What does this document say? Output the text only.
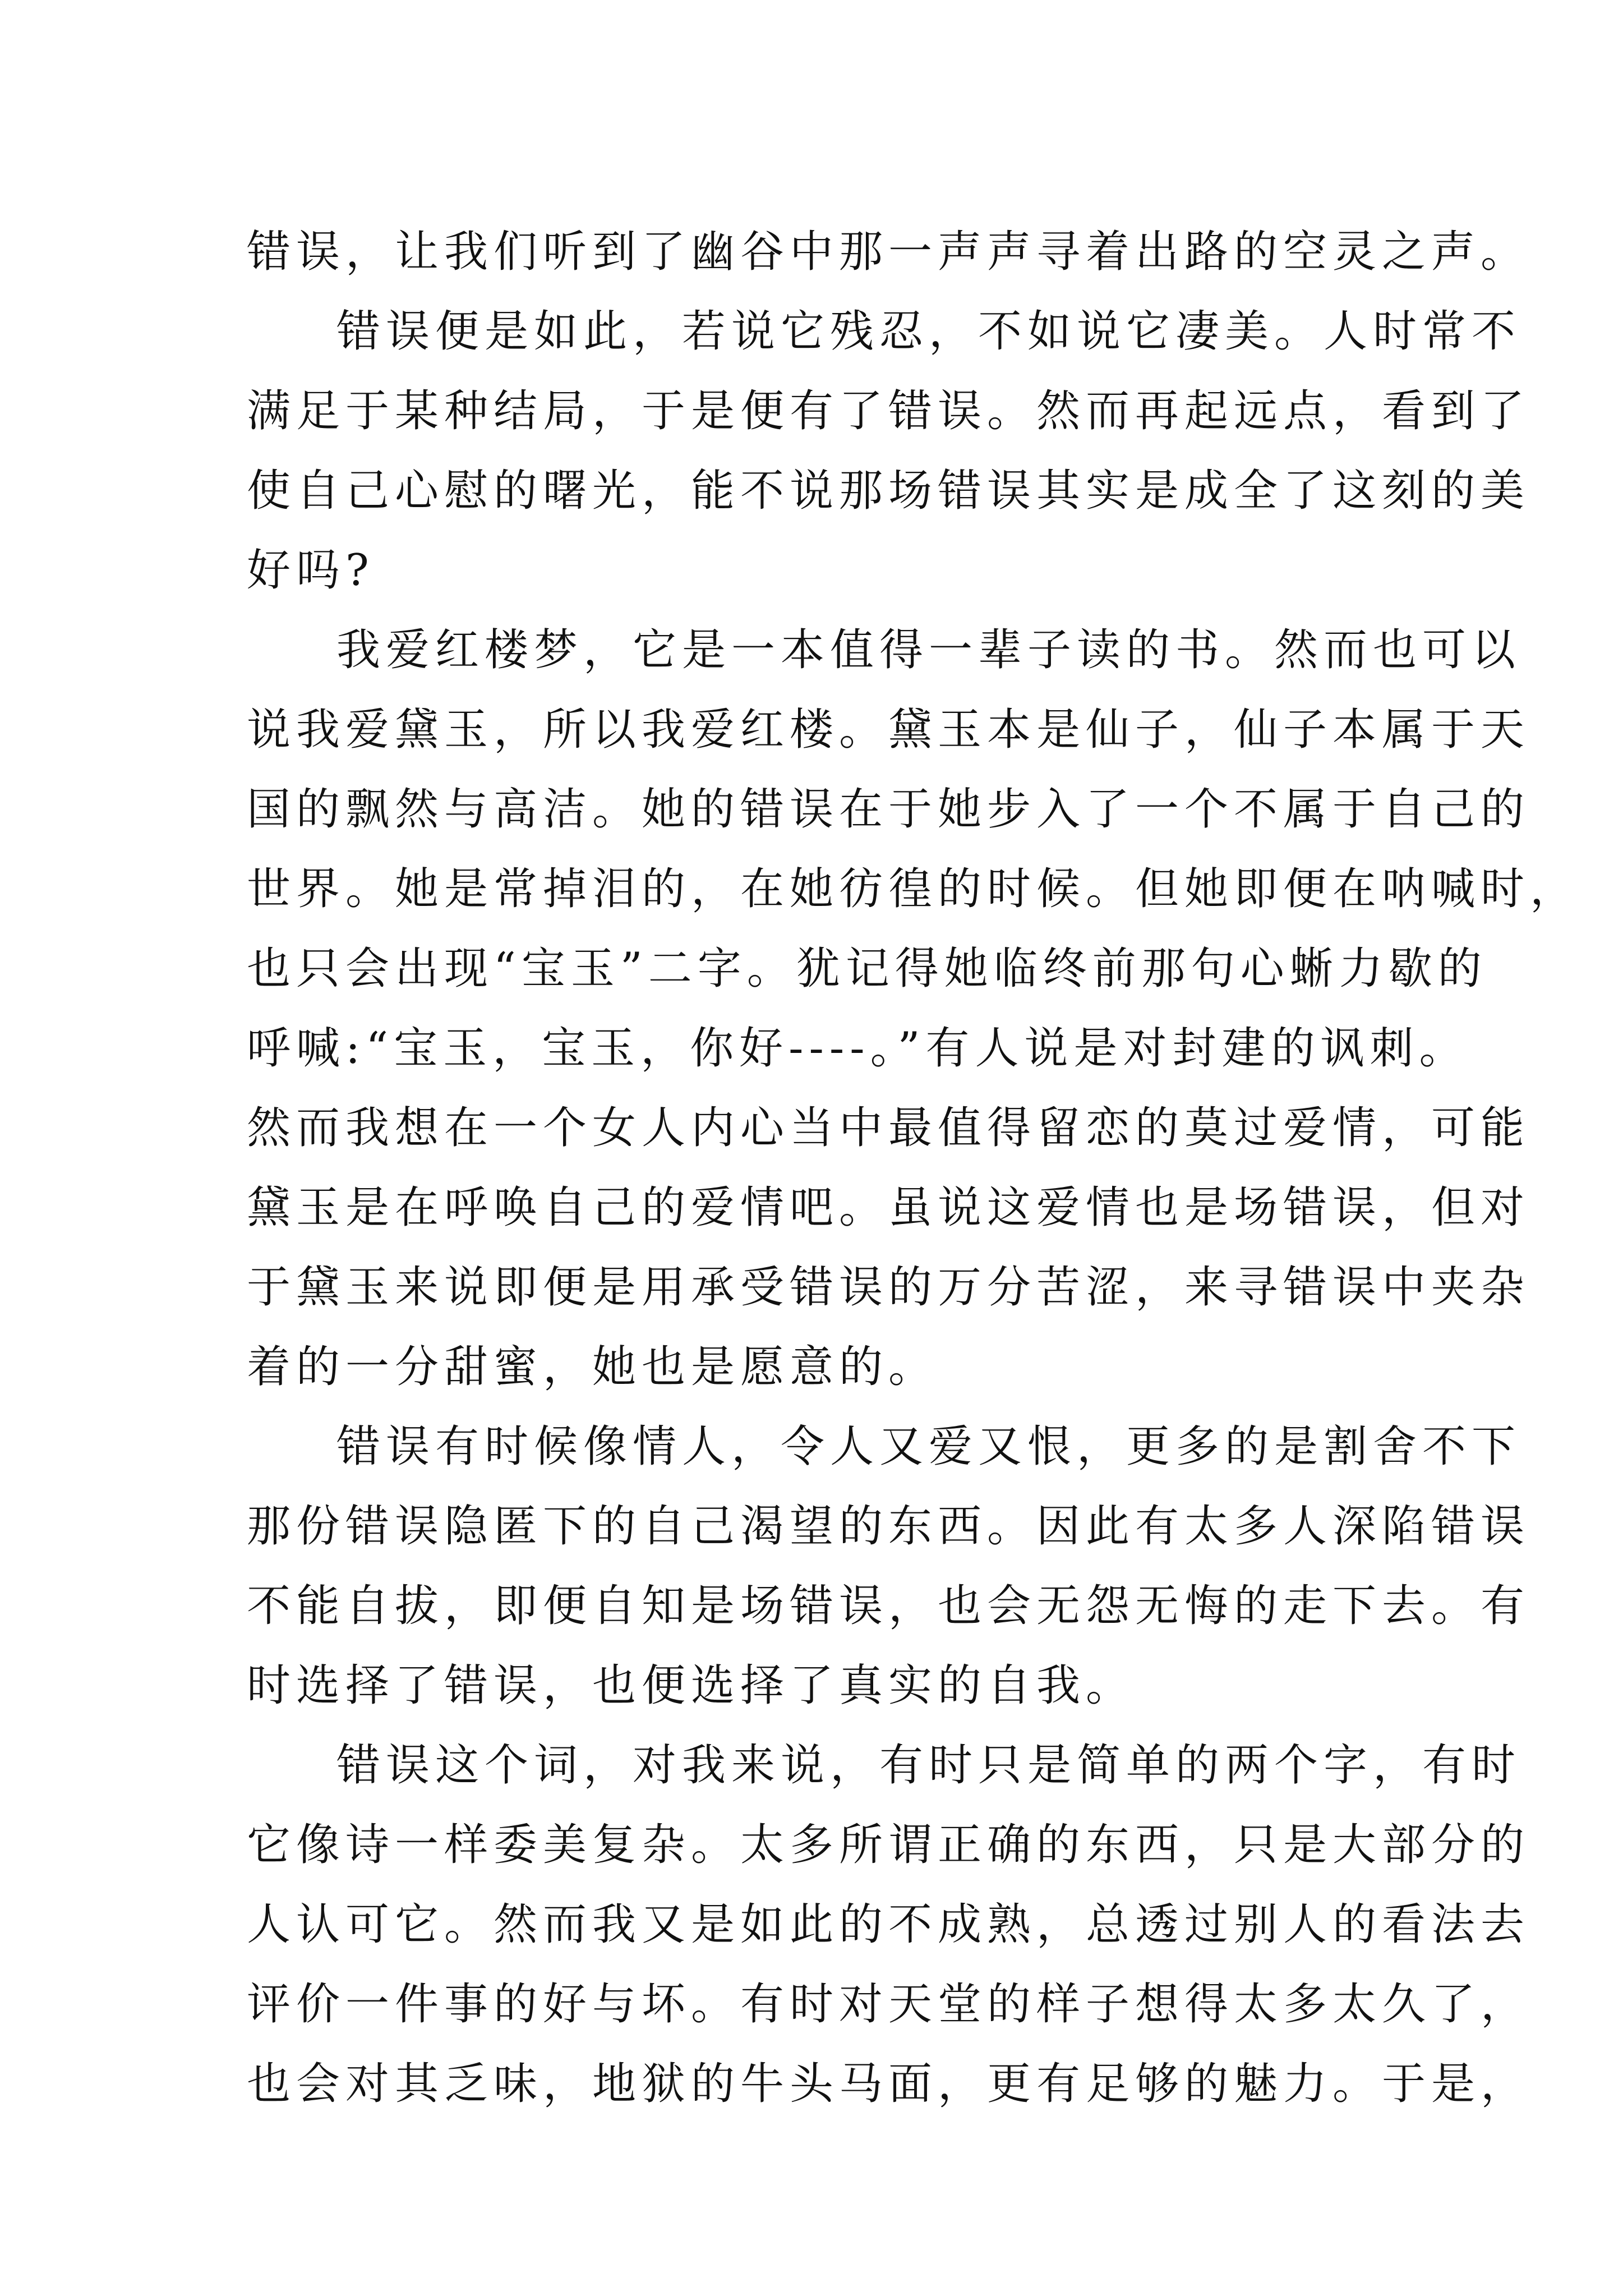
错误，让我们听到了幽谷中那一声声寻着出路的空灵之声。
错误便是如此，若说它残忍，不如说它凄美。人时常不
满足于某种结局，于是便有了错误。然而再起远点，看到了
使自己心慰的曙光，能不说那场错误其实是成全了这刻的美
好吗?
我爱红楼梦，它是一本值得一辈子读的书。然而也可以
说我爱黛玉，所以我爱红楼。黛玉本是仙子，仙子本属于天
国的飘然与高洁。她的错误在于她步入了一个不属于自己的
世界。她是常掉泪的，在她彷徨的时候。但她即便在呐喊时，
也只会出现“宝玉”二字。犹记得她临终前那句心蜥力歇的
呼喊:“宝玉，宝玉，你好----。”有人说是对封建的讽刺。
然而我想在一个女人内心当中最值得留恋的莫过爱情，可能
黛玉是在呼唤自己的爱情吧。虽说这爱情也是场错误，但对
于黛玉来说即便是用承受错误的万分苦涩，来寻错误中夹杂
着的一分甜蜜，她也是愿意的。
错误有时候像情人，令人又爱又恨，更多的是割舍不下
那份错误隐匿下的自己渴望的东西。因此有太多人深陷错误
不能自拔，即便自知是场错误，也会无怨无悔的走下去。有
时选择了错误，也便选择了真实的自我。
错误这个词，对我来说，有时只是简单的两个字，有时
它像诗一样委美复杂。太多所谓正确的东西，只是大部分的
人认可它。然而我又是如此的不成熟，总透过别人的看法去
评价一件事的好与坏。有时对天堂的样子想得太多太久了，
也会对其乏味，地狱的牛头马面，更有足够的魅力。于是，
